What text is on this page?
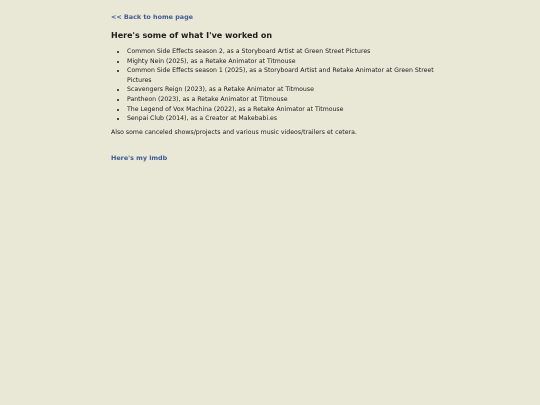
<< Back to home page
Here's some of what I've worked on
• Common Side Effects season 2, as a Storyboard Artist at Green Street Pictures
• Mighty Nein (2025), as a Retake Animator at Titmouse
• Common Side Effects season 1 (2025), as a Storyboard Artist and Retake Animator at Green Street Pictures
• Scavengers Reign (2023), as a Retake Animator at Titmouse
• Pantheon (2023), as a Retake Animator at Titmouse
• The Legend of Vox Machina (2022), as a Retake Animator at Titmouse
• Senpai Club (2014), as a Creator at Makebabi.es

Also some canceled shows/projects and various music videos/trailers et cetera.

Here's my imdb
